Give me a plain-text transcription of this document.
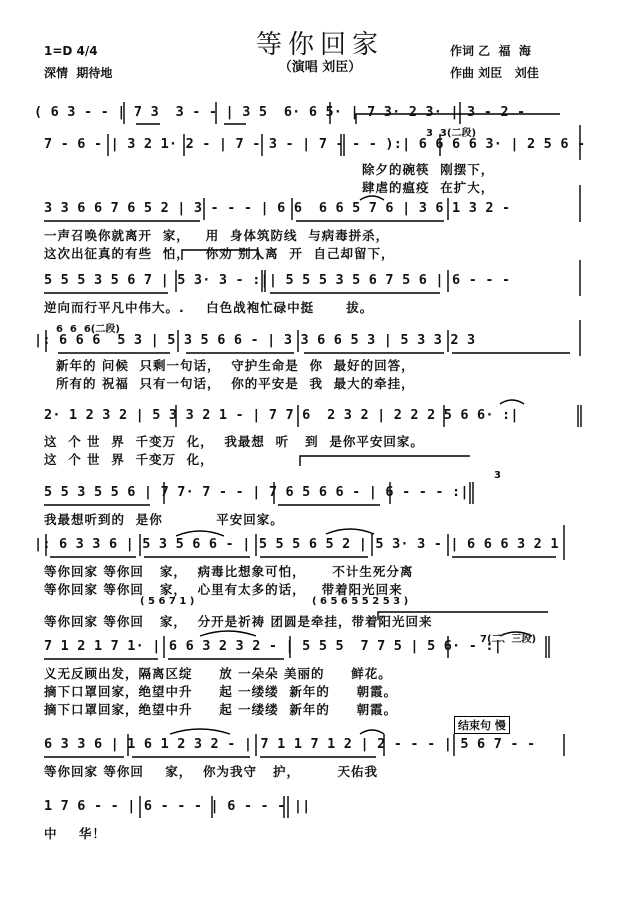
1=D 4/4
深情  期待地
等你回家
（演唱 刘臣）
作词 乙  福  海
作曲 刘臣   刘佳
( 6 3 - - | 7 3  3 - - | 3 5  6· 6 5· | 7 3· 2 3· | 3 - 2 -
3  3(二段)
7 - 6 - | 3 2 1· 2 - | 7 - 3 - | 7 - - - ):| 6 6 6 6 3· | 2 5 6 -
除夕的碗筷  刚摆下，
肆虐的瘟疫  在扩大，
3 3 6 6 7 6 5 2 | 3 - - - | 6 6  6 6 5 7 6 | 3 6 1 3 2 -
一声召唤你就离开  家，   用  身体筑防线  与病毒拼杀，
这次出征真的有些  怕，   你劝 别人离  开  自己却留下，
5 5 5 3 5 6 7 | 5 3· 3 - :|| 5 5 5 3 5 6 7 5 6 | 6 - - -
逆向而行平凡中伟大。.    白色战袍忙碌中挺      拔。
6  6  6(二段)
|: 6 6 6  5 3 | 5 3 5 6 6 - | 3 3 6 6 5 3 | 5 3 3 2 3
新年的 问候  只剩一句话，  守护生命是  你  最好的回答，
所有的 祝福  只有一句话，  你的平安是  我  最大的牵挂，
2· 1 2 3 2 | 5 3 3 2 1 - | 7 7 6  2 3 2 | 2 2 2 5 6 6· :|
这  个 世  界  千变万  化，  我最想  听   到  是你平安回家。
这  个 世  界  千变万  化，
3
5 5 3 5 5 6 | 7 7· 7 - - | 7 6 5 6 6 - | 6 - - - :|
我最想听到的  是你          平安回家。
|: 6 3 3 6 | 5 3 5 6 6 - | 5 5 5 6 5 2 | 5 3· 3 - | 6 6 6 3 2 1
等你回家 等你回   家，  病毒比想象可怕，     不计生死分离
等你回家 等你回   家，  心里有太多的话，   带着阳光回来
( 5 6 7 1 )	( 6 5 6 5 5 2 5 3 )
等你回家 等你回   家，  分开是祈祷 团圆是牵挂，带着阳光回来
7(二、三段)
7 1 2 1 7 1· | 6 6 3 2 3 2 - | 5 5 5  7 7 5 | 5 6· - :|
义无反顾出发，隔离区绽     放 一朵朵 美丽的     鲜花。
摘下口罩回家，绝望中升     起 一缕缕  新年的     朝霞。
摘下口罩回家，绝望中升     起 一缕缕  新年的     朝霞。
结束句 慢
6 3 3 6 | 1 6 1 2 3 2 - | 7 1 1 7 1 2 | 2 - - - | 5 6 7 - -
等你回家 等你回    家，  你为我守   护，       天佑我
1 7 6 - - | 6 - - - | 6 - - - ||
中    华！
